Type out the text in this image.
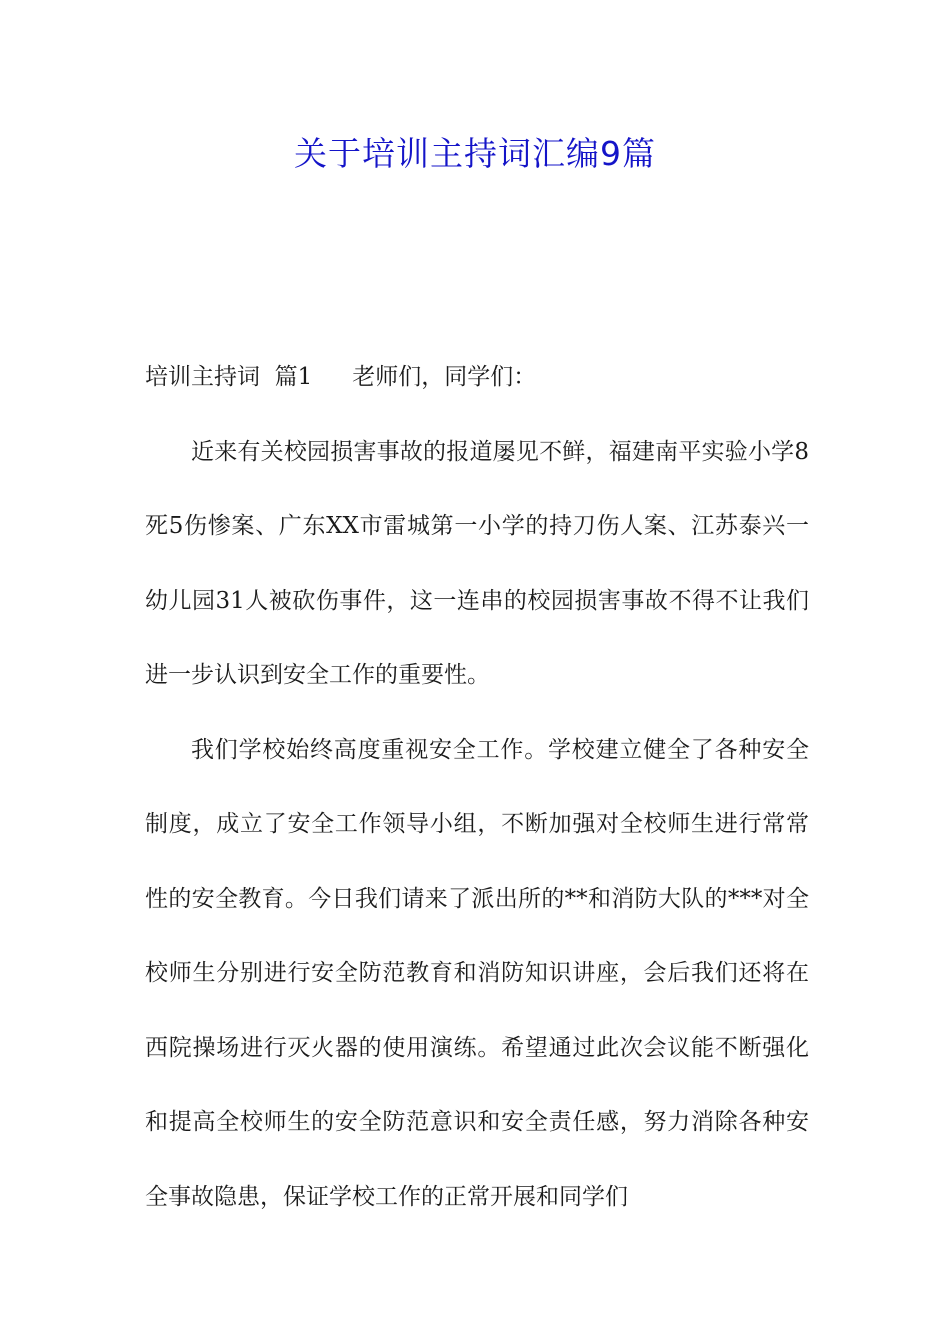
关于培训主持词汇编9篇

培训主持词  篇1 老师们，同学们：

近来有关校园损害事故的报道屡见不鲜，福建南平实验小学8死5伤惨案、广东XX市雷城第一小学的持刀伤人案、江苏泰兴一幼儿园31人被砍伤事件，这一连串的校园损害事故不得不让我们进一步认识到安全工作的重要性。

我们学校始终高度重视安全工作。学校建立健全了各种安全制度，成立了安全工作领导小组，不断加强对全校师生进行常常性的安全教育。今日我们请来了派出所的**和消防大队的***对全校师生分别进行安全防范教育和消防知识讲座，会后我们还将在西院操场进行灭火器的使用演练。希望通过此次会议能不断强化和提高全校师生的安全防范意识和安全责任感，努力消除各种安全事故隐患，保证学校工作的正常开展和同学们
